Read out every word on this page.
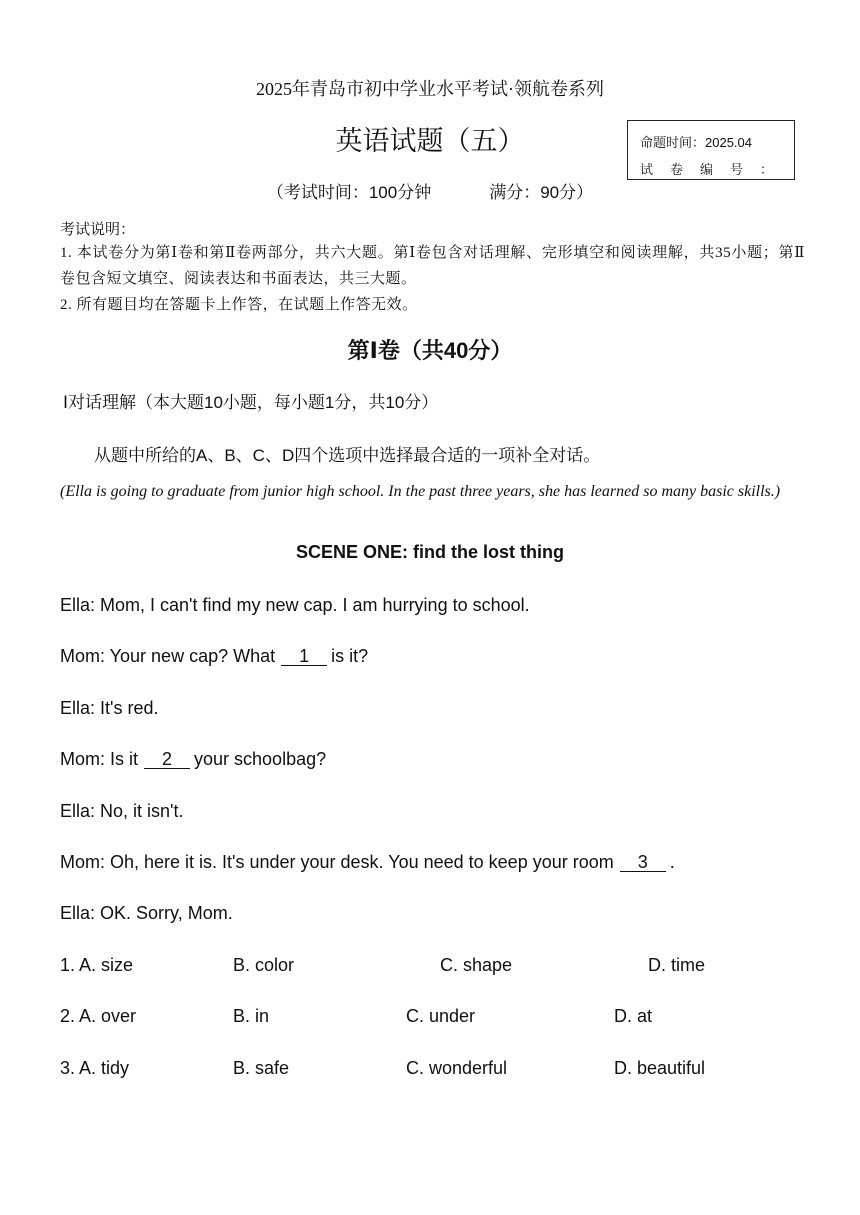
2025年青岛市初中学业水平考试·领航卷系列
英语试题（五）	命题时间：2025.04
试卷编号：
（考试时间：100分钟	满分：90分）
考试说明：
1. 本试卷分为第Ⅰ卷和第Ⅱ卷两部分，共六大题。第Ⅰ卷包含对话理解、完形填空和阅读理解，共35小题；第Ⅱ卷包含短文填空、阅读表达和书面表达，共三大题。
2. 所有题目均在答题卡上作答，在试题上作答无效。
第Ⅰ卷（共40分）
Ⅰ对话理解（本大题10小题，每小题1分，共10分）
从题中所给的A、B、C、D四个选项中选择最合适的一项补全对话。
(Ella is going to graduate from junior high school. In the past three years, she has learned so many basic skills.)
SCENE ONE: find the lost thing
Ella: Mom, I can't find my new cap. I am hurrying to school.
Mom: Your new cap? What 1 is it?
Ella: It's red.
Mom: Is it 2 your schoolbag?
Ella: No, it isn't.
Mom: Oh, here it is. It's under your desk. You need to keep your room 3 .
Ella: OK. Sorry, Mom.
1. A. size	B. color	C. shape	D. time
2. A. over	B. in	C. under	D. at
3. A. tidy	B. safe	C. wonderful	D. beautiful
